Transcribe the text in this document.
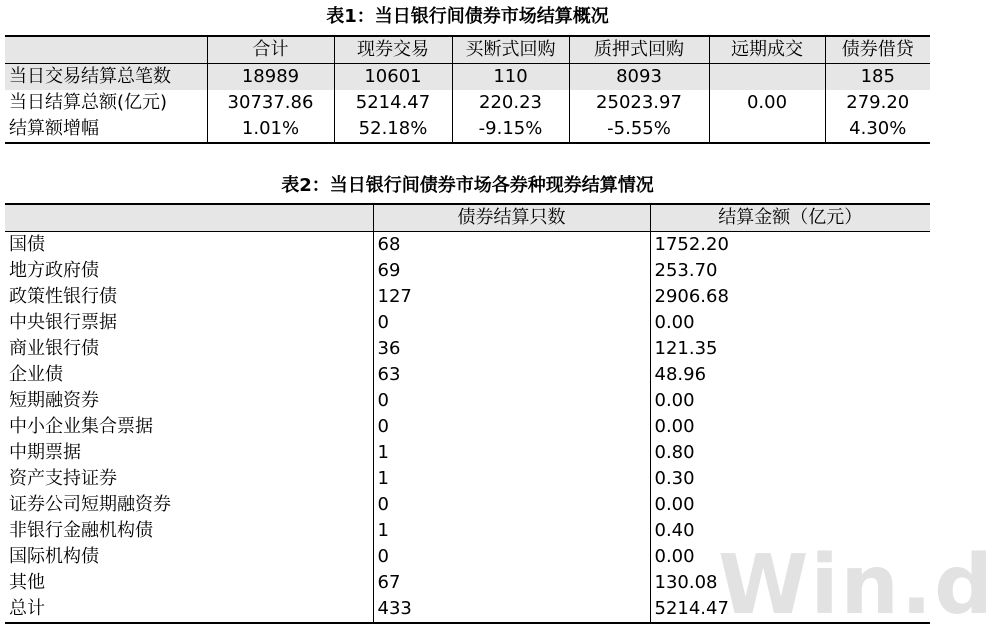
表1：当日银行间债券市场结算概况
	合计	现券交易	买断式回购	质押式回购	远期成交	债券借贷
当日交易结算总笔数	18989	10601	110	8093		185
当日结算总额(亿元)	30737.86	5214.47	220.23	25023.97	0.00	279.20
结算额增幅	1.01%	52.18%	-9.15%	-5.55%		4.30%
表2：当日银行间债券市场各券种现券结算情况
	债券结算只数	结算金额（亿元）
国债	68	1752.20
地方政府债	69	253.70
政策性银行债	127	2906.68
中央银行票据	0	0.00
商业银行债	36	121.35
企业债	63	48.96
短期融资券	0	0.00
中小企业集合票据	0	0.00
中期票据	1	0.80
资产支持证券	1	0.30
证券公司短期融资券	0	0.00
非银行金融机构债	1	0.40
国际机构债	0	0.00
其他	67	130.08
总计	433	5214.47
Win.d
